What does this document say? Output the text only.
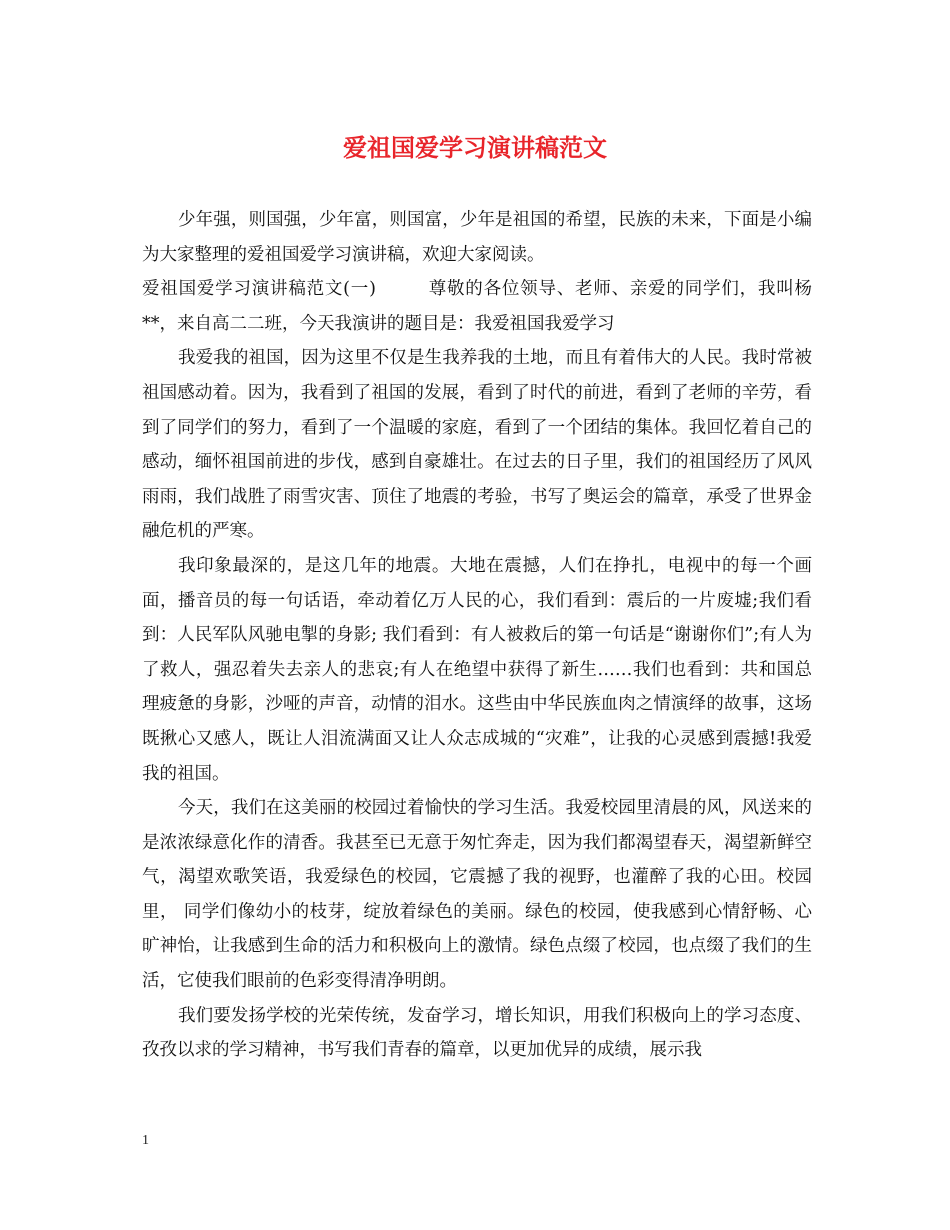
爱祖国爱学习演讲稿范文

少年强，则国强，少年富，则国富，少年是祖国的希望，民族的未来，下面是小编为大家整理的爱祖国爱学习演讲稿，欢迎大家阅读。

爱祖国爱学习演讲稿范文(一)	尊敬的各位领导、老师、亲爱的同学们，我叫杨**，来自高二二班，今天我演讲的题目是：我爱祖国我爱学习

我爱我的祖国，因为这里不仅是生我养我的土地，而且有着伟大的人民。我时常被祖国感动着。因为，我看到了祖国的发展，看到了时代的前进，看到了老师的辛劳，看到了同学们的努力，看到了一个温暖的家庭，看到了一个团结的集体。我回忆着自己的 感动，缅怀祖国前进的步伐，感到自豪雄壮。在过去的日子里，我们的祖国经历了风风雨雨，我们战胜了雨雪灾害、顶住了地震的考验，书写了奥运会的篇章，承受了世界金融危机的严寒。

我印象最深的，是这几年的地震。大地在震撼，人们在挣扎，电视中的每一个画面，播音员的每一句话语，牵动着亿万人民的心，我们看到：震后的一片废墟;我们看到：人民军队风驰电掣的身影; 我们看到：有人被救后的第一句话是“谢谢你们”;有人为了救人，强忍着失去亲人的悲哀;有人在绝望中获得了新生……我们也看到：共和国总理疲惫的身影，沙哑的声音，动情的泪水。这些由中华民族血肉之情演绎的故事，这场既揪心又感人，既让人泪流满面又让人众志成城的“灾难”，让我的心灵感到震撼!我爱我的祖国。

今天，我们在这美丽的校园过着愉快的学习生活。我爱校园里清晨的风，风送来的是浓浓绿意化作的清香。我甚至已无意于匆忙奔走，因为我们都渴望春天，渴望新鲜空气，渴望欢歌笑语，我爱绿色的校园，它震撼了我的视野，也灌醉了我的心田。校园里， 同学们像幼小的枝芽，绽放着绿色的美丽。绿色的校园，使我感到心情舒畅、心旷神怡，让我感到生命的活力和积极向上的激情。绿色点缀了校园，也点缀了我们的生活，它使我们眼前的色彩变得清净明朗。

我们要发扬学校的光荣传统，发奋学习，增长知识，用我们积极向上的学习态度、孜孜以求的学习精神，书写我们青春的篇章，以更加优异的成绩，展示我

1
